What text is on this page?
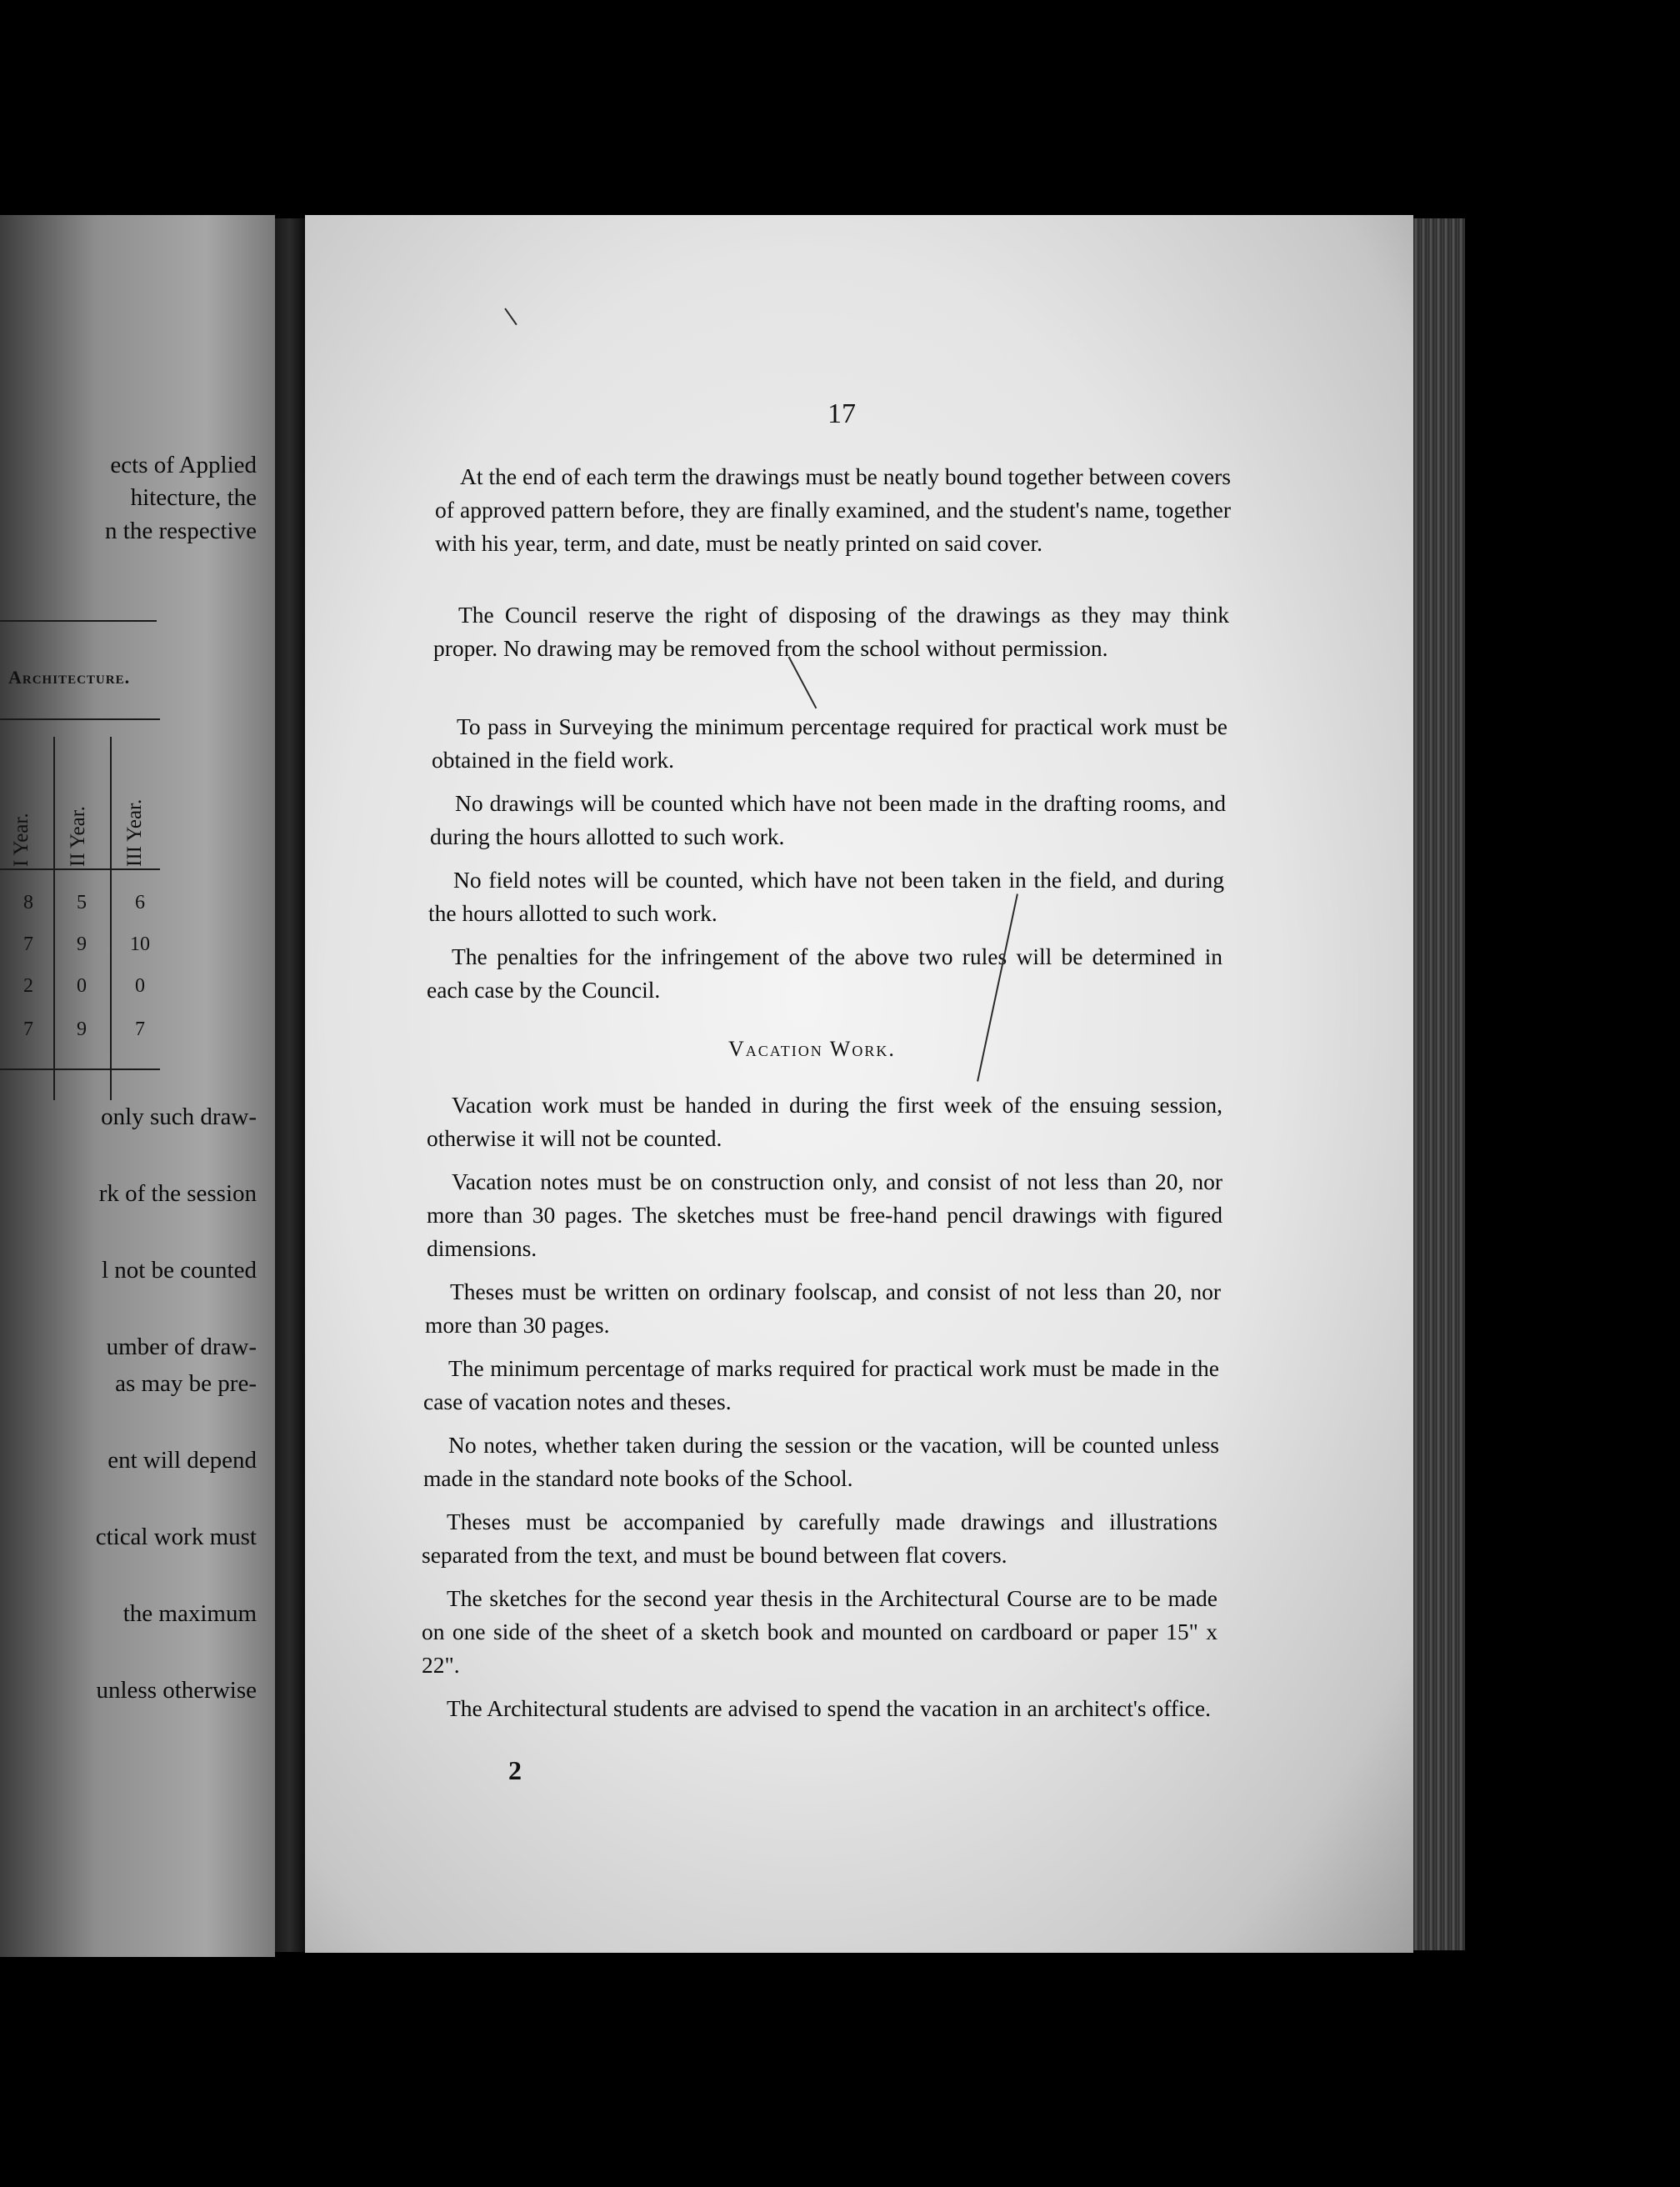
ects of Applied
hitecture, the
n the respective
Architecture.
I Year. II Year. III Year.
8	5	6
7	9	10
2	0	0
7	9	7
only such draw-
rk of the session
l not be counted
umber of draw-
as may be pre-
ent will depend
ctical work must
the maximum
unless otherwise
17
At the end of each term the drawings must be neatly bound together between covers of approved pattern before, they are finally examined, and the student's name, together with his year, term, and date, must be neatly printed on said cover.
The Council reserve the right of disposing of the drawings as they may think proper. No drawing may be removed from the school without permission.
To pass in Surveying the minimum percentage required for practical work must be obtained in the field work.
No drawings will be counted which have not been made in the drafting rooms, and during the hours allotted to such work.
No field notes will be counted, which have not been taken in the field, and during the hours allotted to such work.
The penalties for the infringement of the above two rules will be determined in each case by the Council.
Vacation Work.
Vacation work must be handed in during the first week of the ensuing session, otherwise it will not be counted.
Vacation notes must be on construction only, and consist of not less than 20, nor more than 30 pages. The sketches must be free-hand pencil drawings with figured dimensions.
Theses must be written on ordinary foolscap, and consist of not less than 20, nor more than 30 pages.
The minimum percentage of marks required for practical work must be made in the case of vacation notes and theses.
No notes, whether taken during the session or the vacation, will be counted unless made in the standard note books of the School.
Theses must be accompanied by carefully made drawings and illustrations separated from the text, and must be bound between flat covers.
The sketches for the second year thesis in the Architectural Course are to be made on one side of the sheet of a sketch book and mounted on cardboard or paper 15" x 22".
The Architectural students are advised to spend the vacation in an architect's office.
2
